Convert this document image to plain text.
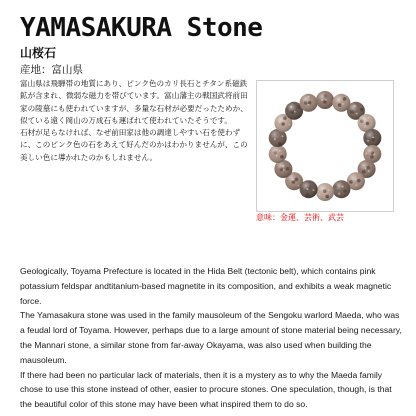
YAMASAKURA Stone
山桜石
産地：富山県

富山県は飛騨帯の地質にあり、ピンク色のカリ長石とチタン系磁鉄鉱が含まれ、微弱な磁力を帯びています。富山藩主の戦国武将前田家の陵墓にも使われていますが、多量な石材が必要だったためか、似ている遠く岡山の万成石も運ばれて使われていたそうです。

石材が足らなければ、なぜ前田家は他の調達しやすい石を使わずに、このピンク色の石をあえて好んだのかはわかりませんが、この美しい色に導かれたのかもしれません。

意味：金運、芸術、武芸

Geologically, Toyama Prefecture is located in the Hida Belt (tectonic belt), which contains pink potassium feldspar andtitanium-based magnetite in its composition, and exhibits a weak magnetic force.

The Yamasakura stone was used in the family mausoleum of the Sengoku warlord Maeda, who was a feudal lord of Toyama. However, perhaps due to a large amount of stone material being necessary, the Mannari stone, a similar stone from far-away Okayama, was also used when building the mausoleum.

If there had been no particular lack of materials, then it is a mystery as to why the Maeda family chose to use this stone instead of other, easier to procure stones. One speculation, though, is that the beautiful color of this stone may have been what inspired them to do so.
